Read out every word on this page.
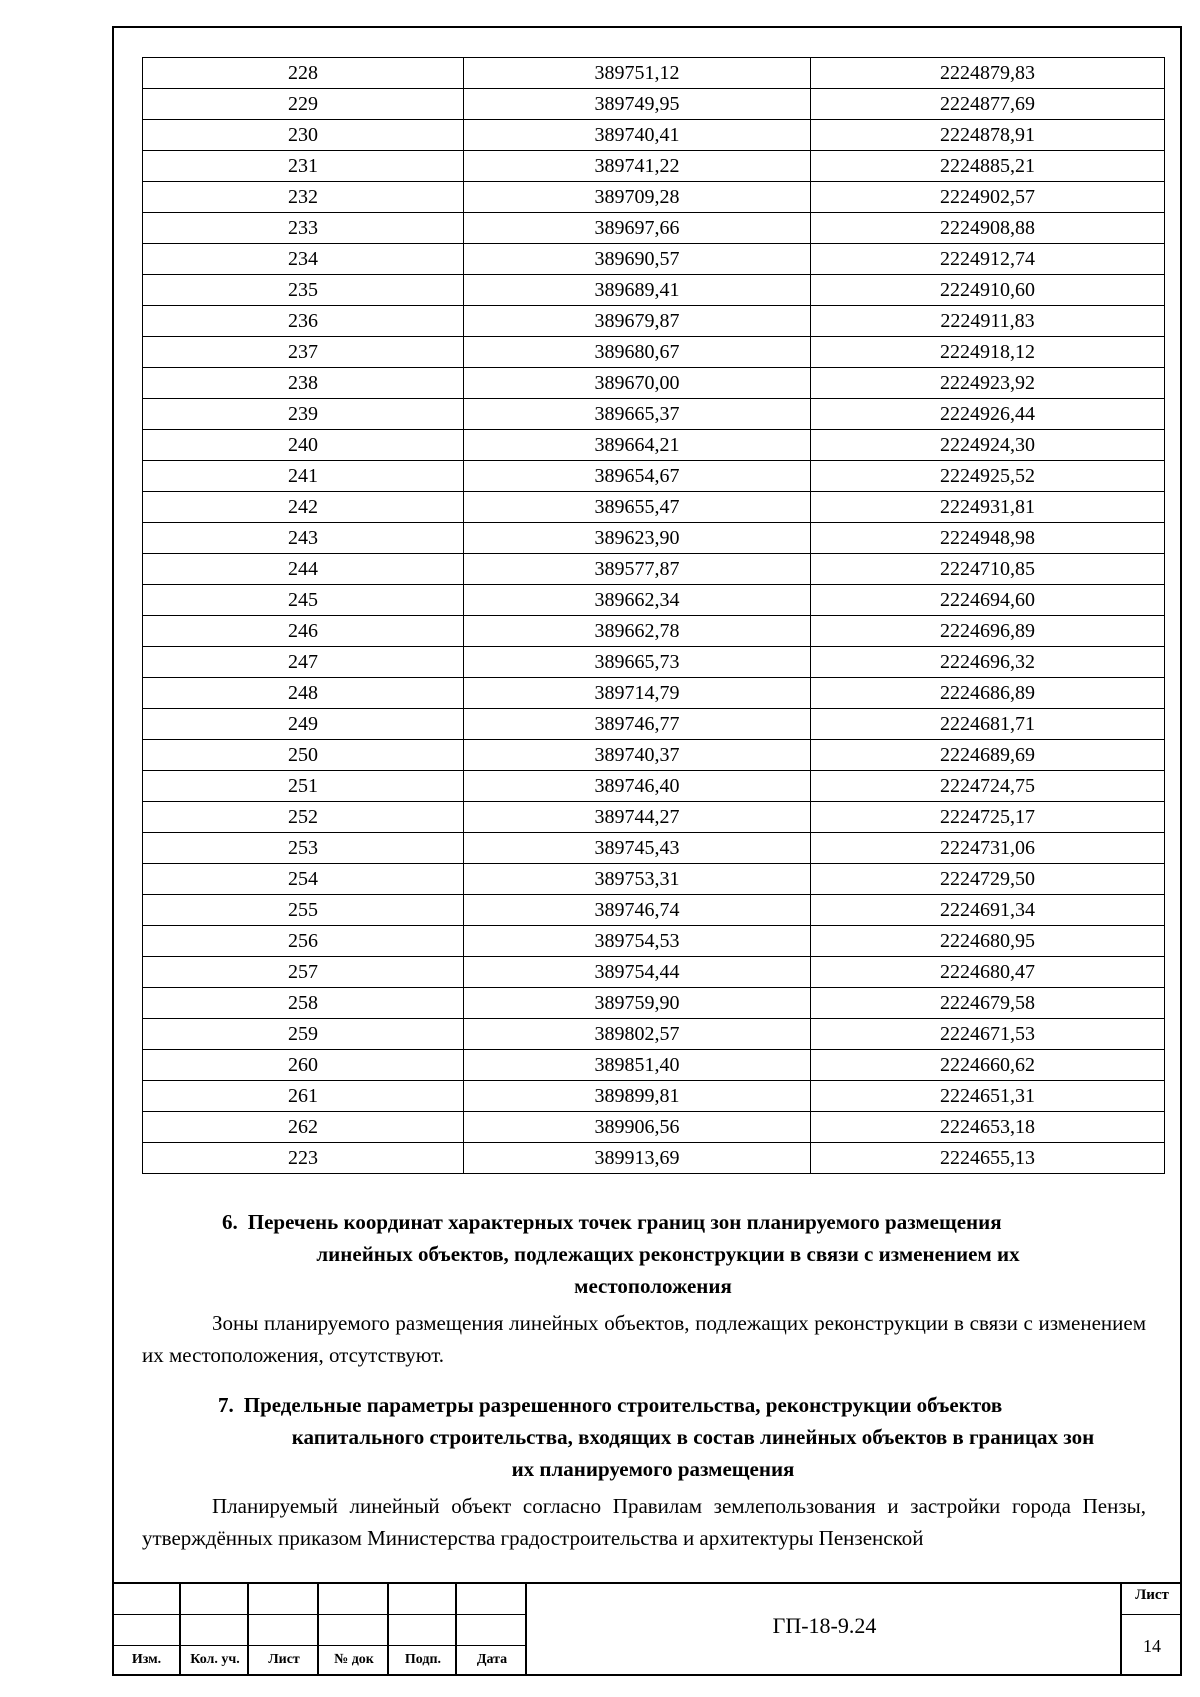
228	389751,12	2224879,83
229	389749,95	2224877,69
230	389740,41	2224878,91
231	389741,22	2224885,21
232	389709,28	2224902,57
233	389697,66	2224908,88
234	389690,57	2224912,74
235	389689,41	2224910,60
236	389679,87	2224911,83
237	389680,67	2224918,12
238	389670,00	2224923,92
239	389665,37	2224926,44
240	389664,21	2224924,30
241	389654,67	2224925,52
242	389655,47	2224931,81
243	389623,90	2224948,98
244	389577,87	2224710,85
245	389662,34	2224694,60
246	389662,78	2224696,89
247	389665,73	2224696,32
248	389714,79	2224686,89
249	389746,77	2224681,71
250	389740,37	2224689,69
251	389746,40	2224724,75
252	389744,27	2224725,17
253	389745,43	2224731,06
254	389753,31	2224729,50
255	389746,74	2224691,34
256	389754,53	2224680,95
257	389754,44	2224680,47
258	389759,90	2224679,58
259	389802,57	2224671,53
260	389851,40	2224660,62
261	389899,81	2224651,31
262	389906,56	2224653,18
223	389913,69	2224655,13
6. Перечень координат характерных точек границ зон планируемого размещения
линейных объектов, подлежащих реконструкции в связи с изменением их
местоположения
Зоны планируемого размещения линейных объектов, подлежащих реконструкции в связи с изменением их местоположения, отсутствуют.
7. Предельные параметры разрешенного строительства, реконструкции объектов
капитального строительства, входящих в состав линейных объектов в границах зон
их планируемого размещения
Планируемый линейный объект согласно Правилам землепользования и застройки города Пензы, утверждённых приказом Министерства градостроительства и архитектуры Пензенской
Изм.	Кол. уч.	Лист	№ док	Подп.	Дата
ГП-18-9.24
Лист
14
